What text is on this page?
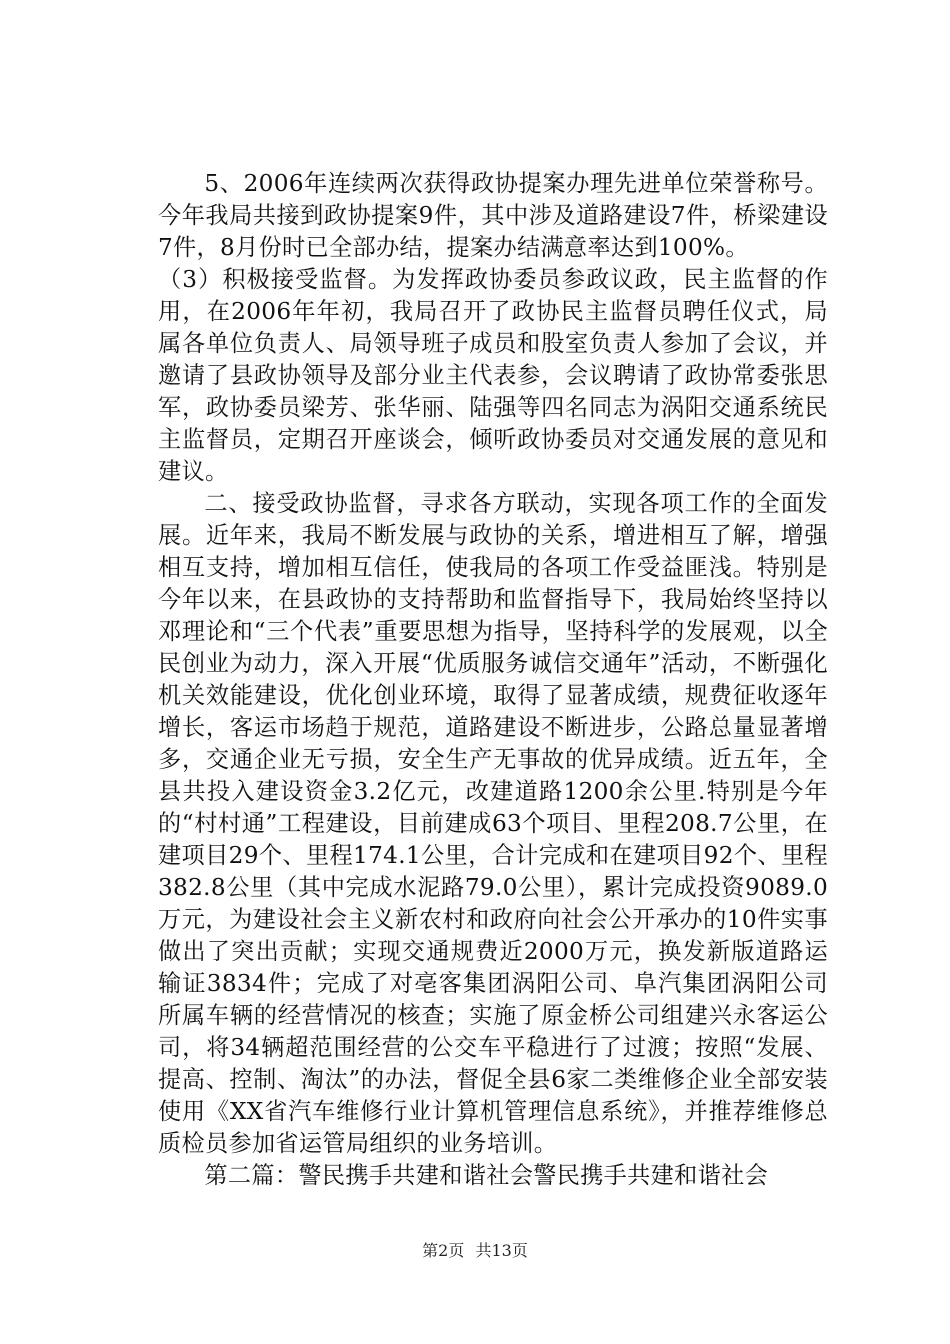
5、2006年连续两次获得政协提案办理先进单位荣誉称号。今年我局共接到政协提案9件，其中涉及道路建设7件，桥梁建设7件，8月份时已全部办结，提案办结满意率达到100%。

（3）积极接受监督。为发挥政协委员参政议政，民主监督的作用，在2006年年初，我局召开了政协民主监督员聘任仪式，局属各单位负责人、局领导班子成员和股室负责人参加了会议，并邀请了县政协领导及部分业主代表参，会议聘请了政协常委张思军，政协委员梁芳、张华丽、陆强等四名同志为涡阳交通系统民主监督员，定期召开座谈会，倾听政协委员对交通发展的意见和建议。

二、接受政协监督，寻求各方联动，实现各项工作的全面发展。近年来，我局不断发展与政协的关系，增进相互了解，增强相互支持，增加相互信任，使我局的各项工作受益匪浅。特别是今年以来，在县政协的支持帮助和监督指导下，我局始终坚持以邓理论和“三个代表”重要思想为指导，坚持科学的发展观，以全民创业为动力，深入开展“优质服务诚信交通年”活动，不断强化机关效能建设，优化创业环境，取得了显著成绩，规费征收逐年增长，客运市场趋于规范，道路建设不断进步，公路总量显著增多，交通企业无亏损，安全生产无事故的优异成绩。近五年，全县共投入建设资金3.2亿元，改建道路1200余公里.特别是今年的“村村通”工程建设，目前建成63个项目、里程208.7公里，在建项目29个、里程174.1公里，合计完成和在建项目92个、里程382.8公里（其中完成水泥路79.0公里），累计完成投资9089.0万元，为建设社会主义新农村和政府向社会公开承办的10件实事做出了突出贡献；实现交通规费近2000万元，换发新版道路运输证3834件；完成了对亳客集团涡阳公司、阜汽集团涡阳公司所属车辆的经营情况的核查；实施了原金桥公司组建兴永客运公司，将34辆超范围经营的公交车平稳进行了过渡；按照“发展、提高、控制、淘汰”的办法，督促全县6家二类维修企业全部安装使用《XX省汽车维修行业计算机管理信息系统》，并推荐维修总质检员参加省运管局组织的业务培训。

第二篇：警民携手共建和谐社会警民携手共建和谐社会

第2页 共13页
